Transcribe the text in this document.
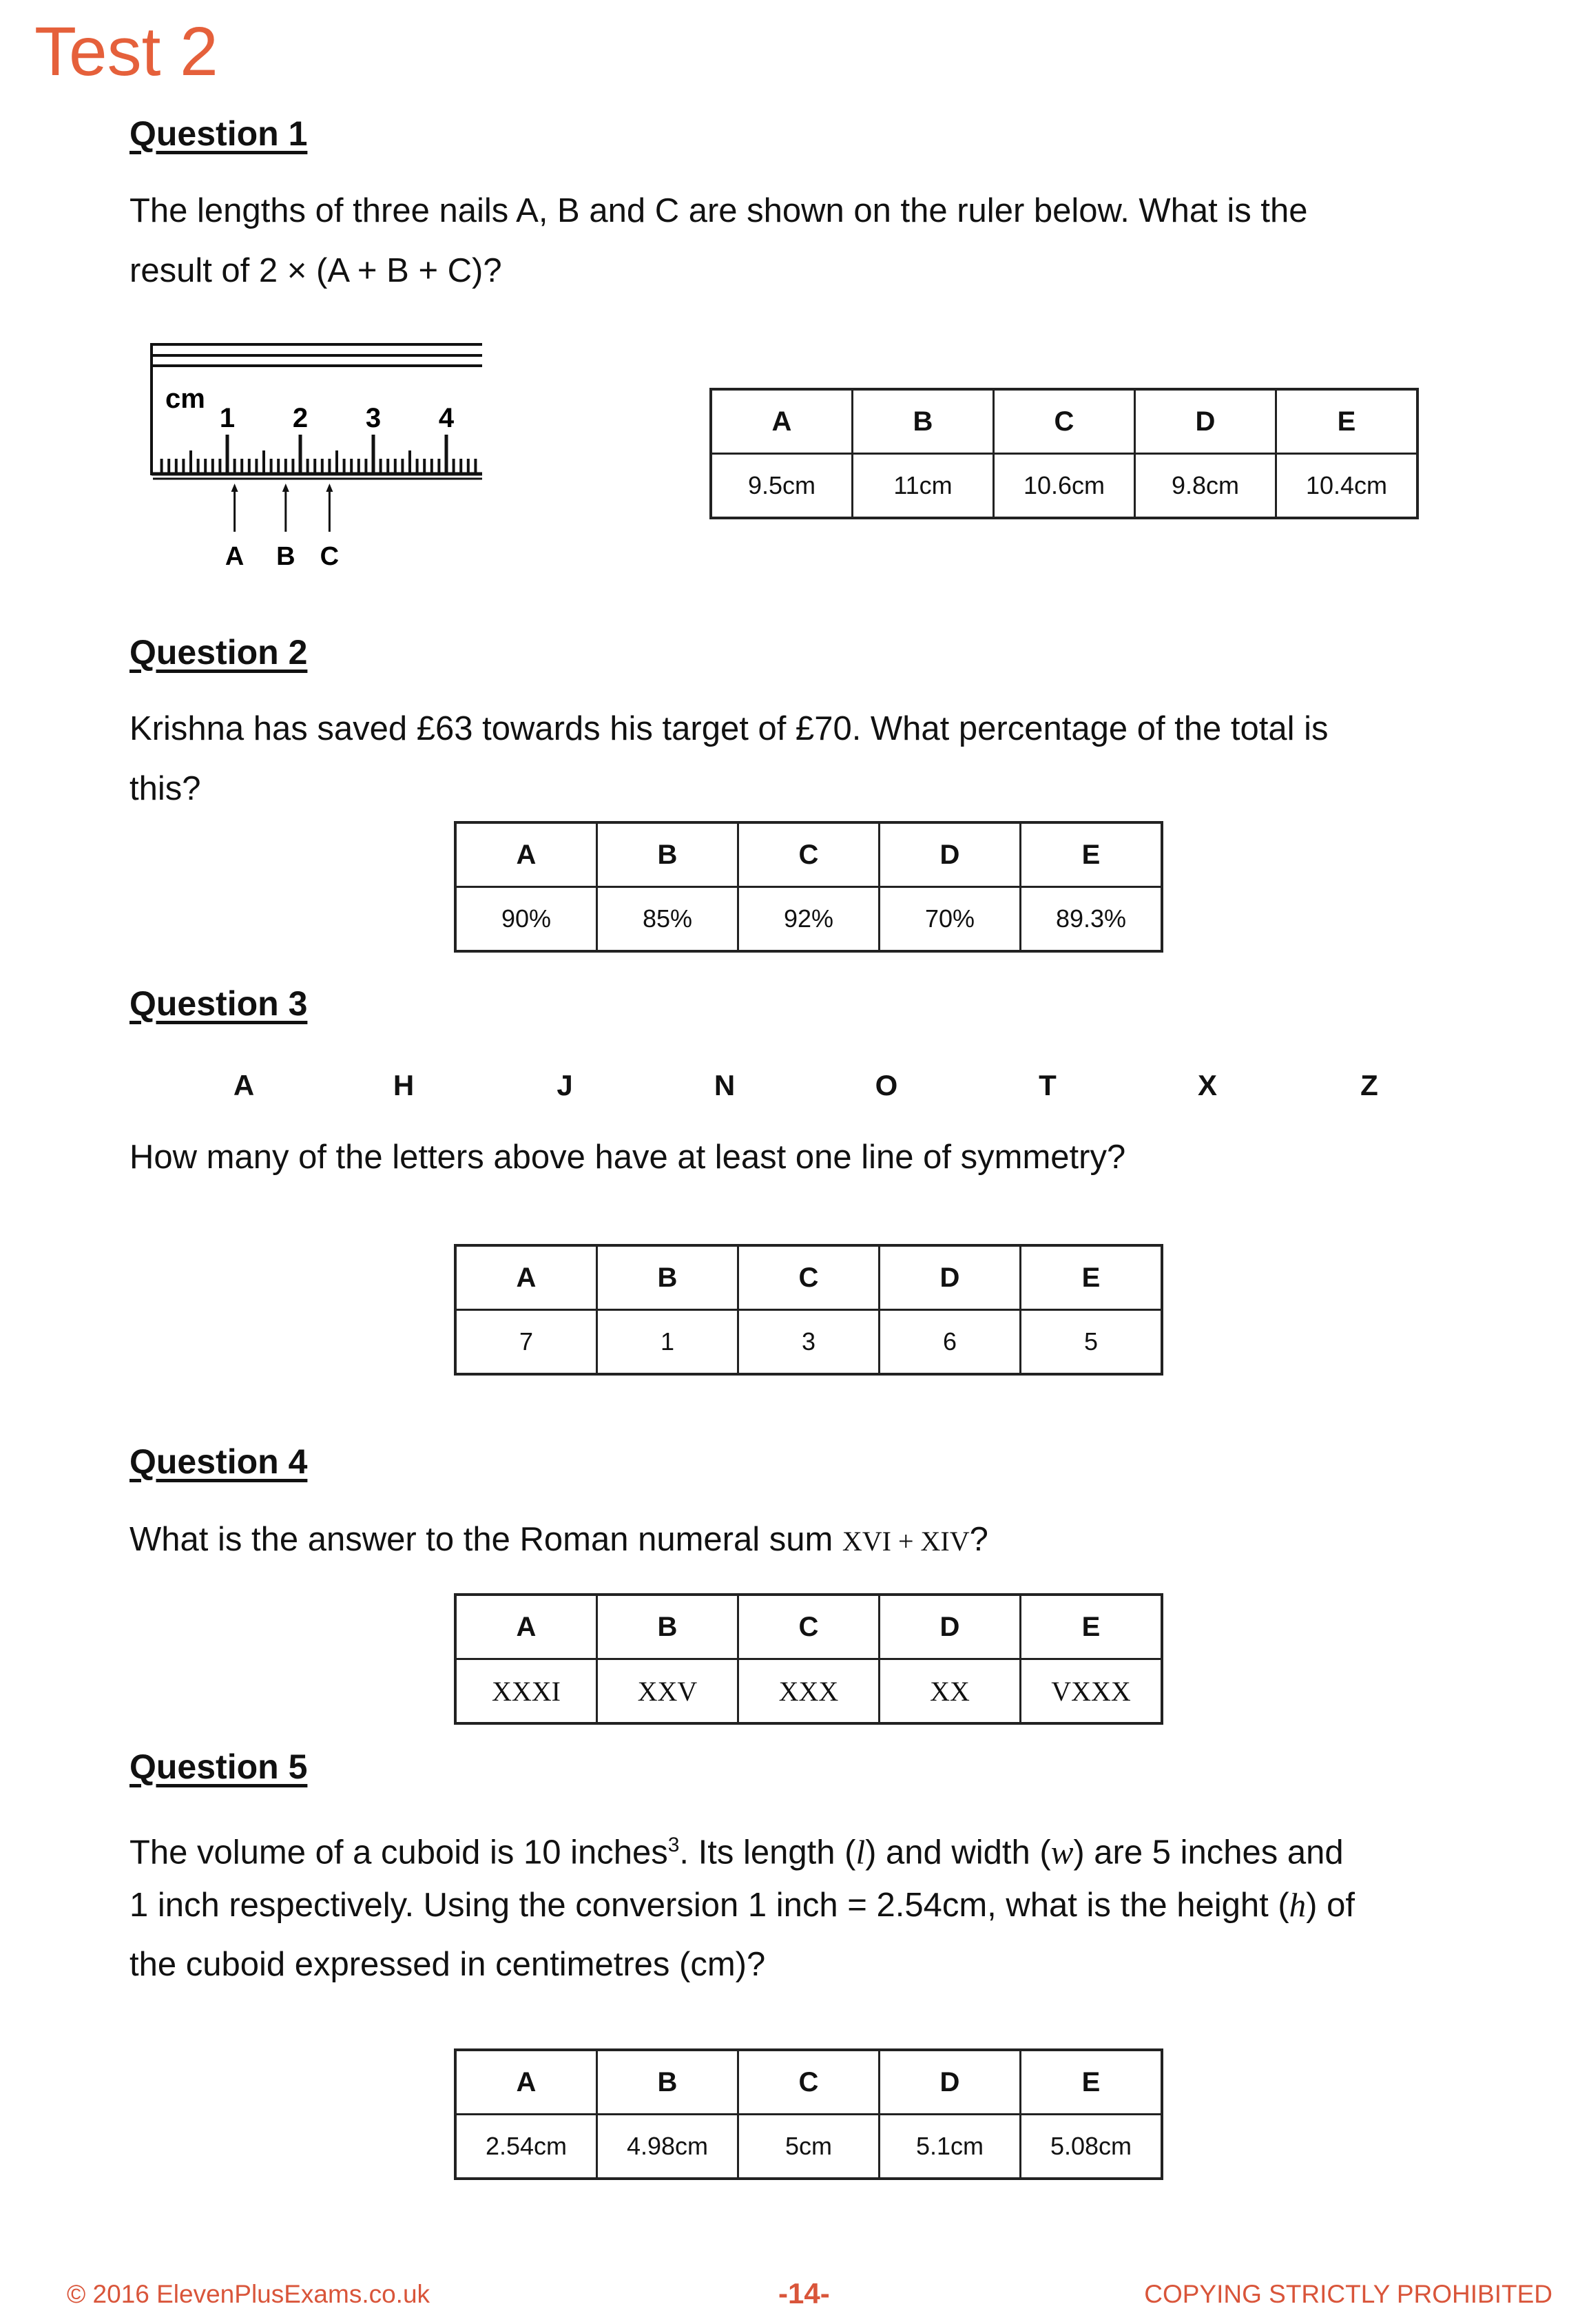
Test 2
Question 1
The lengths of three nails A, B and C are shown on the ruler below. What is the
result of 2 × (A + B + C)?
cm
1 2 3 4
A B C
A	B	C	D	E
9.5cm	11cm	10.6cm	9.8cm	10.4cm
Question 2
Krishna has saved £63 towards his target of £70. What percentage of the total is
this?
A	B	C	D	E
90%	85%	92%	70%	89.3%
Question 3
A	H	J	N	O	T	X	Z
How many of the letters above have at least one line of symmetry?
A	B	C	D	E
7	1	3	6	5
Question 4
What is the answer to the Roman numeral sum XVI + XIV?
A	B	C	D	E
XXXI	XXV	XXX	XX	VXXX
Question 5
The volume of a cuboid is 10 inches$^3$. Its length (l) and width (w) are 5 inches and
1 inch respectively. Using the conversion 1 inch = 2.54cm, what is the height (h) of
the cuboid expressed in centimetres (cm)?
A	B	C	D	E
2.54cm	4.98cm	5cm	5.1cm	5.08cm
© 2016 ElevenPlusExams.co.uk	-14-	COPYING STRICTLY PROHIBITED
